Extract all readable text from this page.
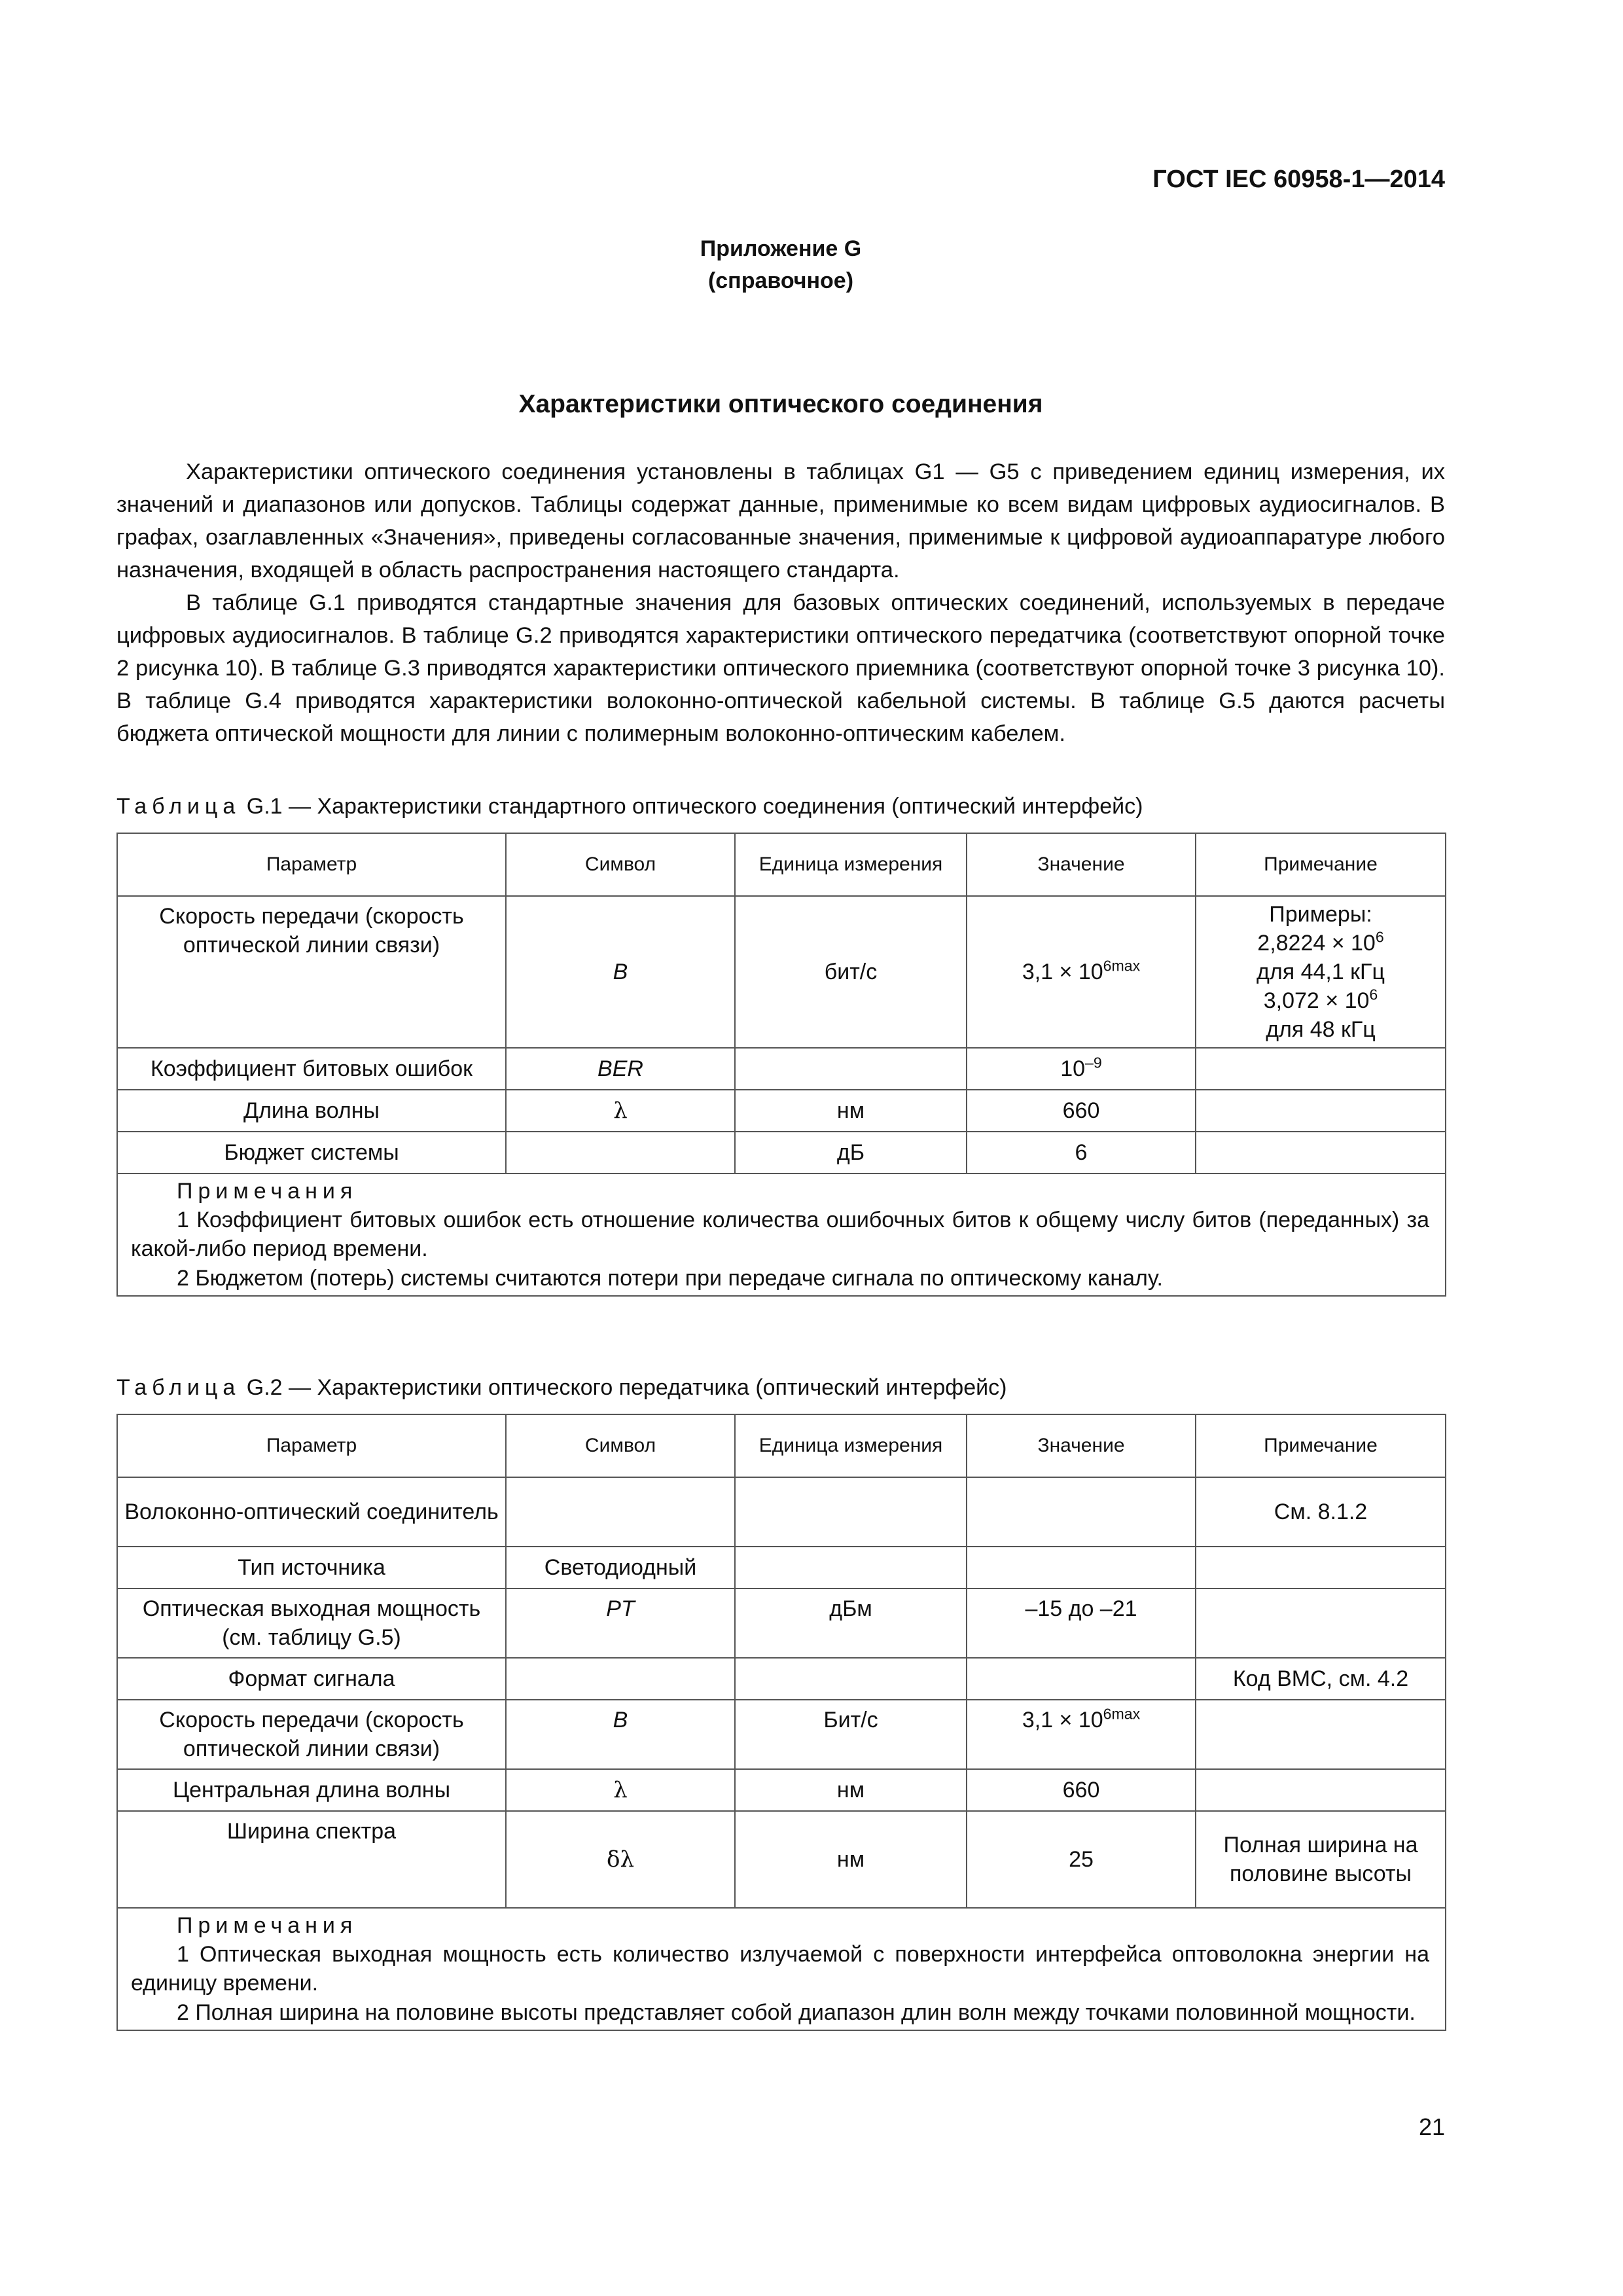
ГОСТ IEC 60958-1—2014
Приложение G
(справочное)
Характеристики оптического соединения

Характеристики оптического соединения установлены в таблицах G1 — G5 с приведением единиц измерения, их значений и диапазонов или допусков. Таблицы содержат данные, применимые ко всем видам цифровых аудиосигналов. В графах, озаглавленных «Значения», приведены согласованные значения, применимые к цифровой аудиоаппаратуре любого назначения, входящей в область распространения настоящего стандарта.

В таблице G.1 приводятся стандартные значения для базовых оптических соединений, используемых в передаче цифровых аудиосигналов. В таблице G.2 приводятся характеристики оптического передатчика (соответствуют опорной точке 2 рисунка 10). В таблице G.3 приводятся характеристики оптического приемника (соответствуют опорной точке 3 рисунка 10). В таблице G.4 приводятся характеристики волоконно-оптической кабельной системы. В таблице G.5 даются расчеты бюджета оптической мощности для линии с полимерным волоконно-оптическим кабелем.

Таблица G.1 — Характеристики стандартного оптического соединения (оптический интерфейс)
Параметр	Символ	Единица измерения	Значение	Примечание
Скорость передачи (скорость оптической линии связи)	B	бит/с	$3,1 \times 10^{6max}$	Примеры:
$2,8224 \times 10^6$
для 44,1 кГц
$3,072 \times 10^6$
для 48 кГц

Коэффициент битовых ошибок	BER		$10^{-9}$	
Длина волны	λ	нм	660	
Бюджет системы		дБ	6	

Примечания

1 Коэффициент битовых ошибок есть отношение количества ошибочных битов к общему числу битов (переданных) за какой-либо период времени.

2 Бюджетом (потерь) системы считаются потери при передаче сигнала по оптическому каналу.				

Таблица G.2 — Характеристики оптического передатчика (оптический интерфейс)
Параметр	Символ	Единица измерения	Значение	Примечание
Волоконно-оптический соединитель				См. 8.1.2
Тип источника	Светодиодный			
Оптическая выходная мощность (см. таблицу G.5)	PT	дБм	–15 до –21	
Формат сигнала				Код ВМС, см. 4.2
Скорость передачи (скорость оптической линии связи)	B	Бит/с	$3,1 \times 10^{6max}$	
Центральная длина волны	λ	нм	660	
Ширина спектра	δλ	нм	25	Полная ширина на половине высоты

Примечания

1 Оптическая выходная мощность есть количество излучаемой с поверхности интерфейса оптоволокна энергии на единицу времени.

2 Полная ширина на половине высоты представляет собой диапазон длин волн между точками половинной мощности.				

21
